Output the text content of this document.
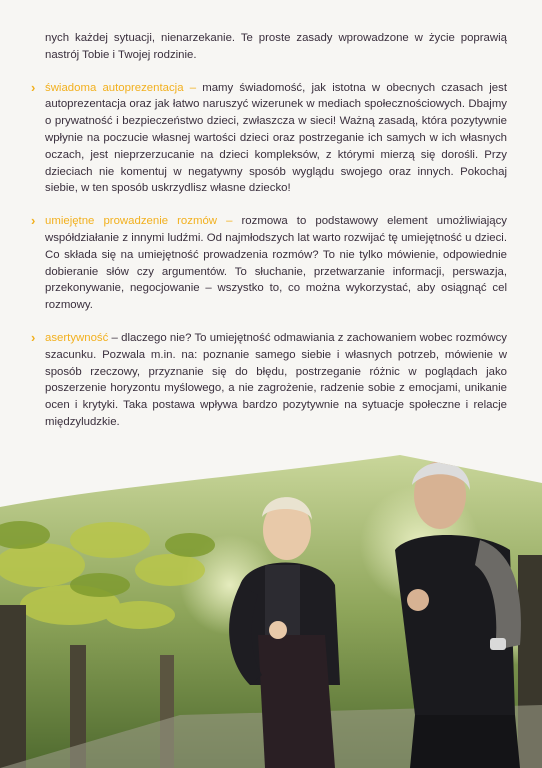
nych każdej sytuacji, nienarzekanie. Te proste zasady wprowadzone w życie poprawią nastrój Tobie i Twojej rodzinie.

› świadoma autoprezentacja – mamy świadomość, jak istotna w obecnych czasach jest autoprezentacja oraz jak łatwo naruszyć wizerunek w mediach społecznościowych. Dbajmy o prywatność i bezpieczeństwo dzieci, zwłaszcza w sieci! Ważną zasadą, która pozytywnie wpłynie na poczucie własnej wartości dzieci oraz postrzeganie ich samych w ich własnych oczach, jest nieprzerzucanie na dzieci kompleksów, z którymi mierzą się dorośli. Przy dzieciach nie komentuj w negatywny sposób wyglądu swojego oraz innych. Pokochaj siebie, w ten sposób uskrzydlisz własne dziecko!

› umiejętne prowadzenie rozmów – rozmowa to podstawowy element umożliwiający współdziałanie z innymi ludźmi. Od najmłodszych lat warto rozwijać tę umiejętność u dzieci. Co składa się na umiejętność prowadzenia rozmów? To nie tylko mówienie, odpowiednie dobieranie słów czy argumentów. To słuchanie, przetwarzanie informacji, perswazja, przekonywanie, negocjowanie – wszystko to, co można wykorzystać, aby osiągnąć cel rozmowy.

› asertywność – dlaczego nie? To umiejętność odmawiania z zachowaniem wobec rozmówcy szacunku. Pozwala m.in. na: poznanie samego siebie i własnych potrzeb, mówienie w sposób rzeczowy, przyznanie się do błędu, postrzeganie różnic w poglądach jako poszerzenie horyzontu myślowego, a nie zagrożenie, radzenie sobie z emocjami, unikanie ocen i krytyki. Taka postawa wpływa bardzo pozytywnie na sytuacje społeczne i relacje międzyludzkie.
